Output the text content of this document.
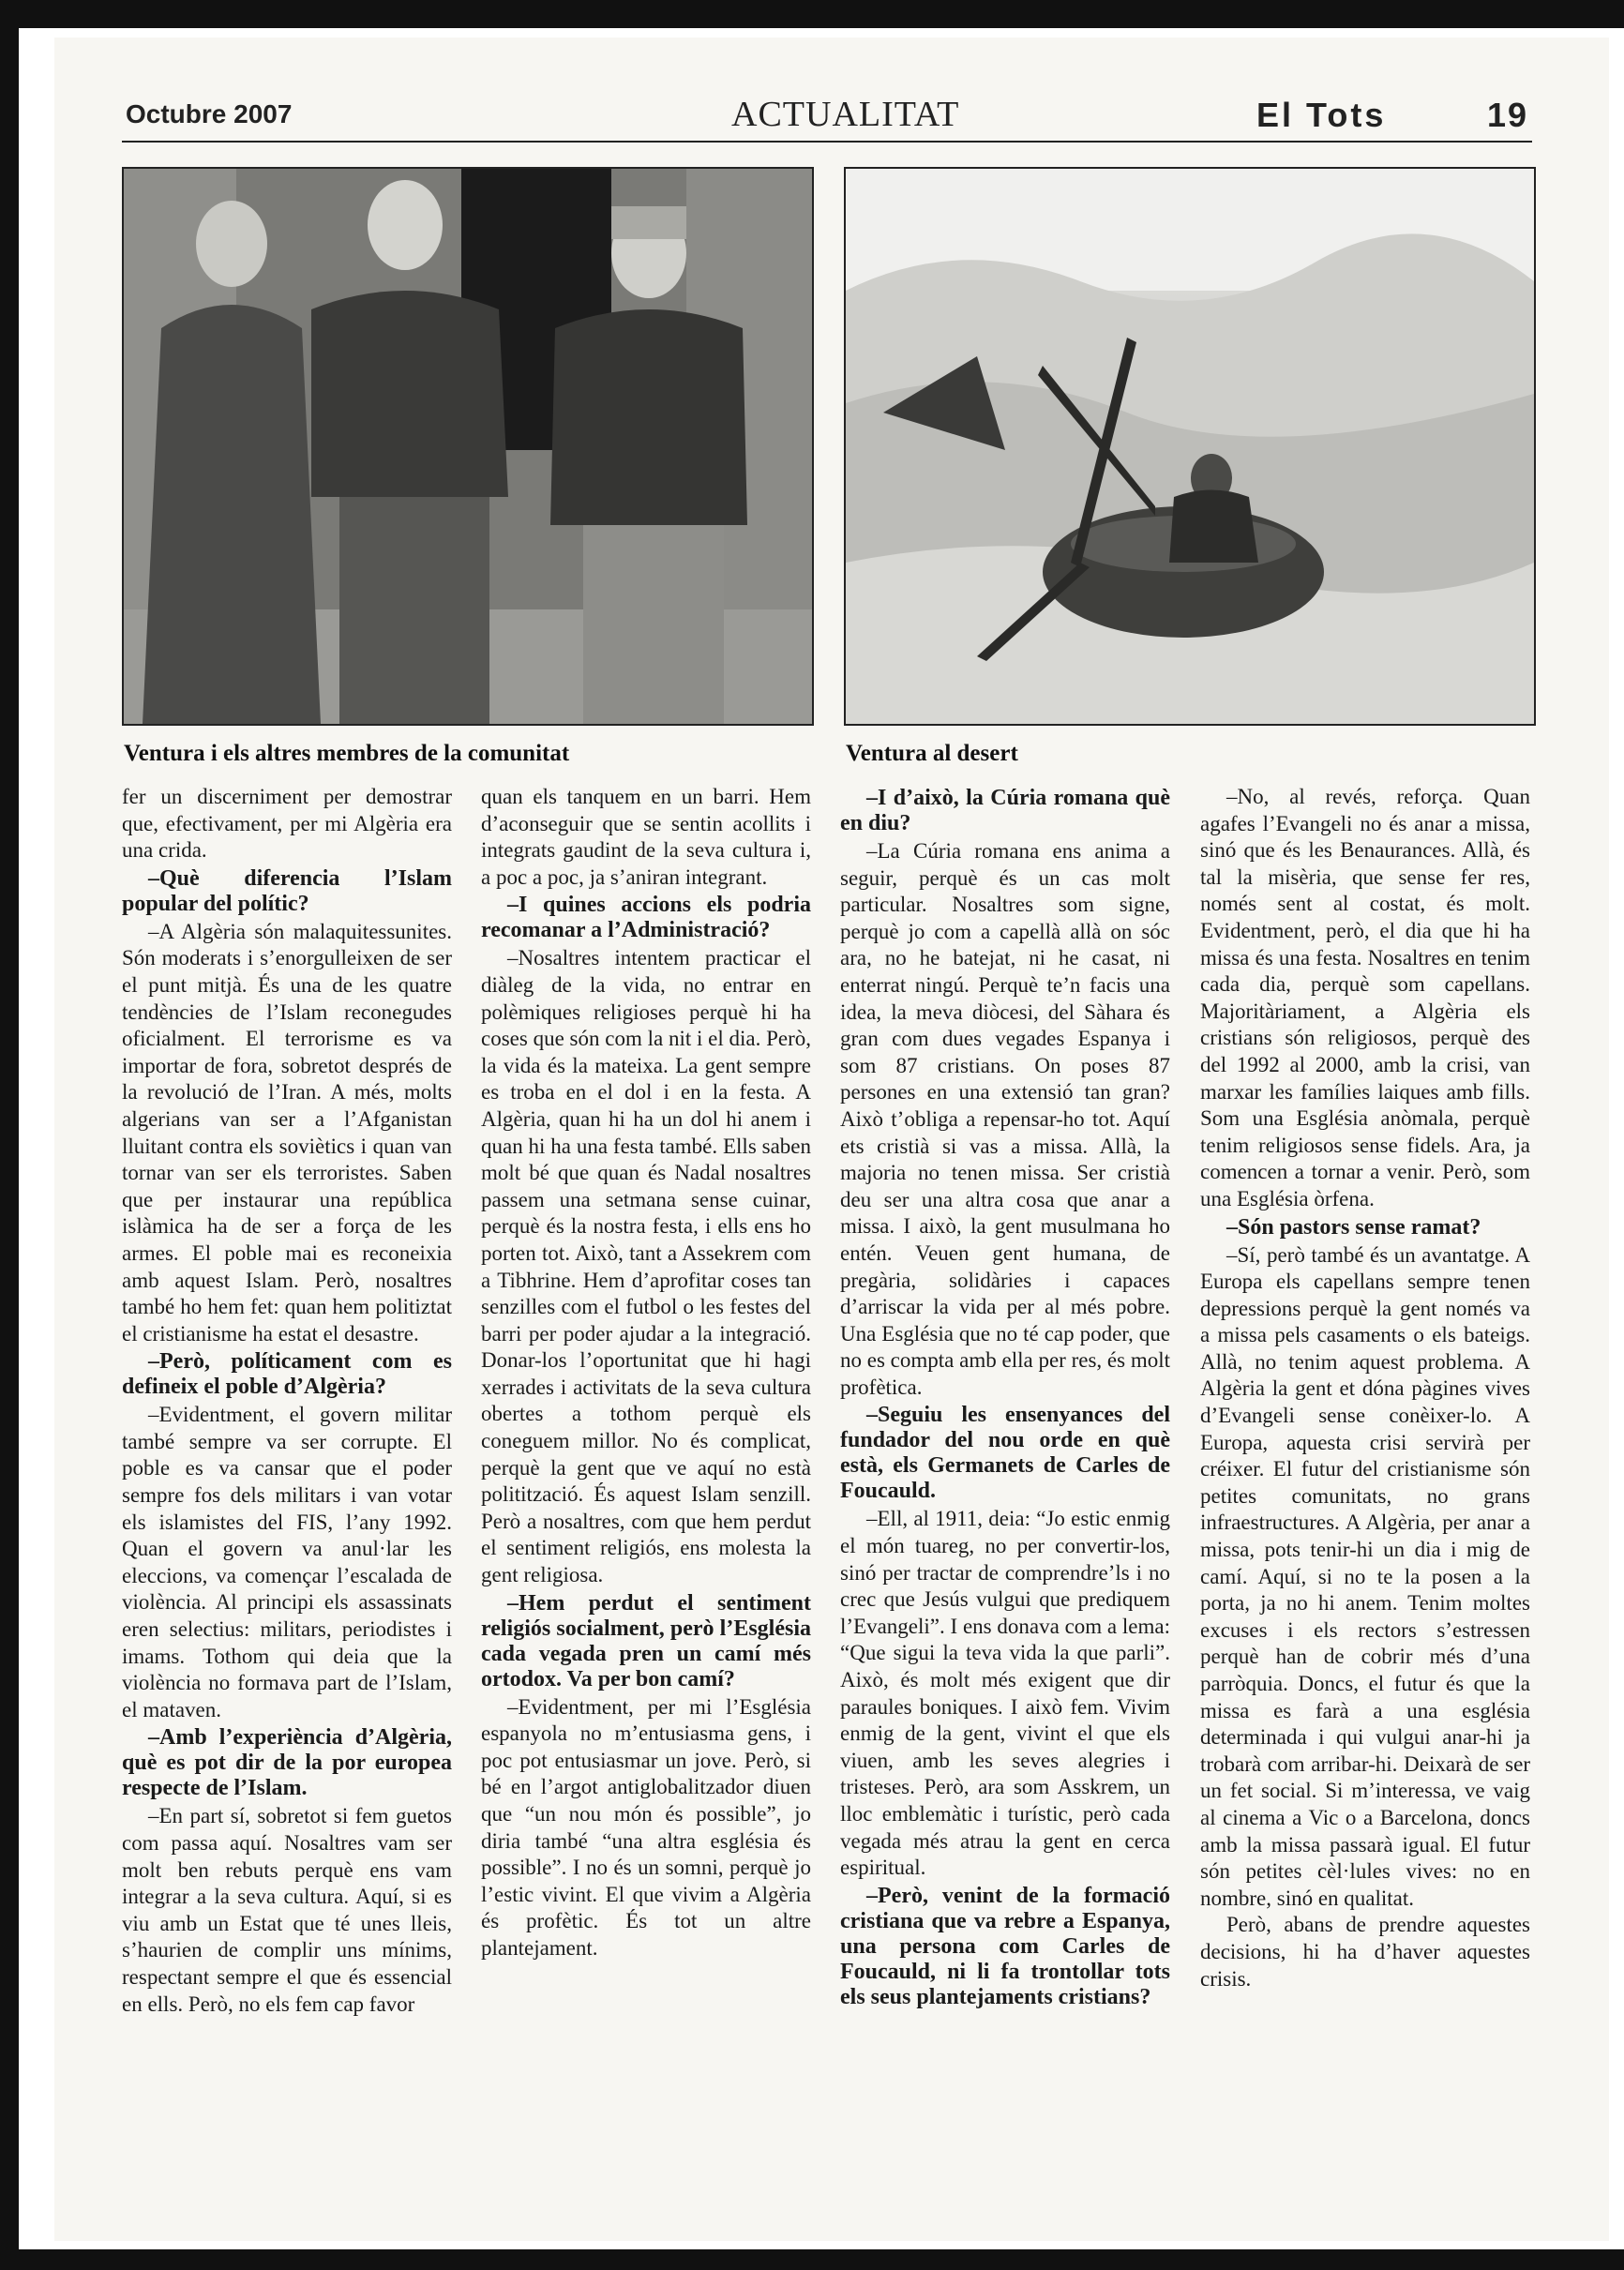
Octubre 2007	ACTUALITAT	El Tots	19
Ventura i els altres membres de la comunitat	Ventura al desert

fer un discerniment per demostrar que, efectivament, per mi Algèria era una crida.

–Què diferencia l’Islam popular del polític?

–A Algèria són malaquitessunites. Són moderats i s’enorgulleixen de ser el punt mitjà. És una de les quatre tendències de l’Islam reconegudes oficialment. El terrorisme es va importar de fora, sobretot després de la revolució de l’Iran. A més, molts algerians van ser a l’Afganistan lluitant contra els soviètics i quan van tornar van ser els terroristes. Saben que per instaurar una república islàmica ha de ser a força de les armes. El poble mai es reconeixia amb aquest Islam. Però, nosaltres també ho hem fet: quan hem politiztat el cristianisme ha estat el desastre.

–Però, políticament com es defineix el poble d’Algèria?

–Evidentment, el govern militar també sempre va ser corrupte. El poble es va cansar que el poder sempre fos dels militars i van votar els islamistes del FIS, l’any 1992. Quan el govern va anul·lar les eleccions, va començar l’escalada de violència. Al principi els assassinats eren selectius: militars, periodistes i imams. Tothom qui deia que la violència no formava part de l’Islam, el mataven.

–Amb l’experiència d’Algèria, què es pot dir de la por europea respecte de l’Islam.

–En part sí, sobretot si fem guetos com passa aquí. Nosaltres vam ser molt ben rebuts perquè ens vam integrar a la seva cultura. Aquí, si es viu amb un Estat que té unes lleis, s’haurien de complir uns mínims, respectant sempre el que és essencial en ells. Però, no els fem cap favor

quan els tanquem en un barri. Hem d’aconseguir que se sentin acollits i integrats gaudint de la seva cultura i, a poc a poc, ja s’aniran integrant.

–I quines accions els podria recomanar a l’Administració?

–Nosaltres intentem practicar el diàleg de la vida, no entrar en polèmiques religioses perquè hi ha coses que són com la nit i el dia. Però, la vida és la mateixa. La gent sempre es troba en el dol i en la festa. A Algèria, quan hi ha un dol hi anem i quan hi ha una festa també. Ells saben molt bé que quan és Nadal nosaltres passem una setmana sense cuinar, perquè és la nostra festa, i ells ens ho porten tot. Això, tant a Assekrem com a Tibhrine. Hem d’aprofitar coses tan senzilles com el futbol o les festes del barri per poder ajudar a la integració. Donar-los l’oportunitat que hi hagi xerrades i activitats de la seva cultura obertes a tothom perquè els coneguem millor. No és complicat, perquè la gent que ve aquí no està politització. És aquest Islam senzill. Però a nosaltres, com que hem perdut el sentiment religiós, ens molesta la gent religiosa.

–Hem perdut el sentiment religiós socialment, però l’Església cada vegada pren un camí més ortodox. Va per bon camí?

–Evidentment, per mi l’Església espanyola no m’entusiasma gens, i poc pot entusiasmar un jove. Però, si bé en l’argot antiglobalitzador diuen que “un nou món és possible”, jo diria també “una altra església és possible”. I no és un somni, perquè jo l’estic vivint. El que vivim a Algèria és profètic. És tot un altre plantejament.

–I d’això, la Cúria romana què en diu?

–La Cúria romana ens anima a seguir, perquè és un cas molt particular. Nosaltres som signe, perquè jo com a capellà allà on sóc ara, no he batejat, ni he casat, ni enterrat ningú. Perquè te’n facis una idea, la meva diòcesi, del Sàhara és gran com dues vegades Espanya i som 87 cristians. On poses 87 persones en una extensió tan gran? Això t’obliga a repensar-ho tot. Aquí ets cristià si vas a missa. Allà, la majoria no tenen missa. Ser cristià deu ser una altra cosa que anar a missa. I això, la gent musulmana ho entén. Veuen gent humana, de pregària, solidàries i capaces d’arriscar la vida per al més pobre. Una Església que no té cap poder, que no es compta amb ella per res, és molt profètica.

–Seguiu les ensenyances del fundador del nou orde en què està, els Germanets de Carles de Foucauld.

–Ell, al 1911, deia: “Jo estic enmig el món tuareg, no per convertir-los, sinó per tractar de comprendre’ls i no crec que Jesús vulgui que prediquem l’Evangeli”. I ens donava com a lema: “Que sigui la teva vida la que parli”. Això, és molt més exigent que dir paraules boniques. I això fem. Vivim enmig de la gent, vivint el que els viuen, amb les seves alegries i tristeses. Però, ara som Asskrem, un lloc emblemàtic i turístic, però cada vegada més atrau la gent en cerca espiritual.

–Però, venint de la formació cristiana que va rebre a Espanya, una persona com Carles de Foucauld, ni li fa trontollar tots els seus plantejaments cristians?

–No, al revés, reforça. Quan agafes l’Evangeli no és anar a missa, sinó que és les Benaurances. Allà, és tal la misèria, que sense fer res, només sent al costat, és molt. Evidentment, però, el dia que hi ha missa és una festa. Nosaltres en tenim cada dia, perquè som capellans. Majoritàriament, a Algèria els cristians són religiosos, perquè des del 1992 al 2000, amb la crisi, van marxar les famílies laiques amb fills. Som una Església anòmala, perquè tenim religiosos sense fidels. Ara, ja comencen a tornar a venir. Però, som una Església òrfena.

–Són pastors sense ramat?

–Sí, però també és un avantatge. A Europa els capellans sempre tenen depressions perquè la gent només va a missa pels casaments o els bateigs. Allà, no tenim aquest problema. A Algèria la gent et dóna pàgines vives d’Evangeli sense conèixer-lo. A Europa, aquesta crisi servirà per créixer. El futur del cristianisme són petites comunitats, no grans infraestructures. A Algèria, per anar a missa, pots tenir-hi un dia i mig de camí. Aquí, si no te la posen a la porta, ja no hi anem. Tenim moltes excuses i els rectors s’estressen perquè han de cobrir més d’una parròquia. Doncs, el futur és que la missa es farà a una església determinada i qui vulgui anar-hi ja trobarà com arribar-hi. Deixarà de ser un fet social. Si m’interessa, ve vaig al cinema a Vic o a Barcelona, doncs amb la missa passarà igual. El futur són petites cèl·lules vives: no en nombre, sinó en qualitat.

Però, abans de prendre aquestes decisions, hi ha d’haver aquestes crisis.
